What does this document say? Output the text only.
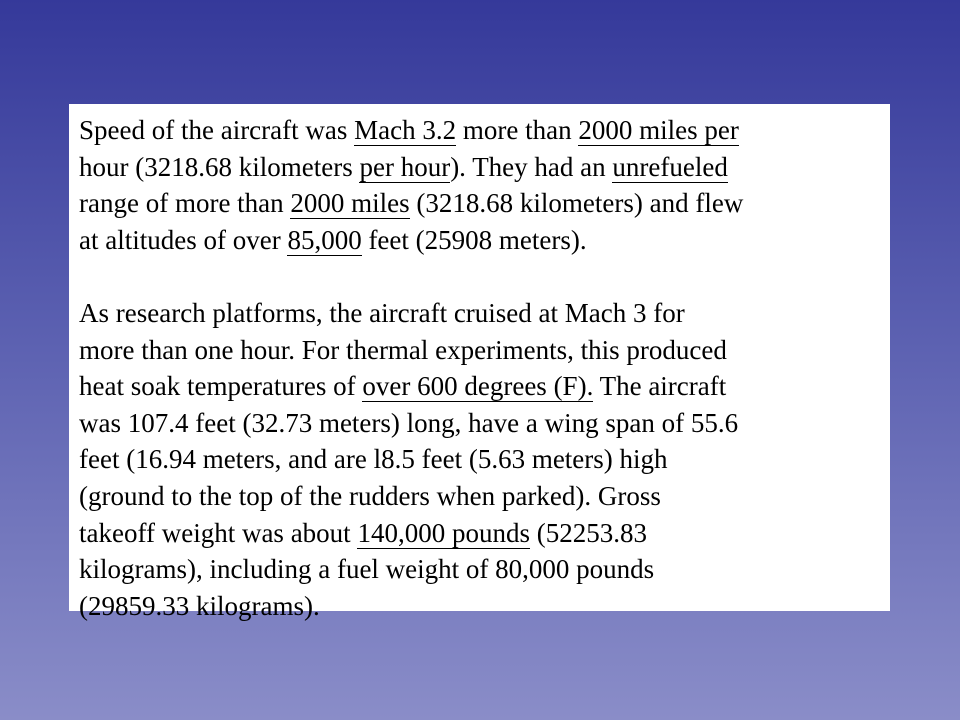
Speed of the aircraft was Mach 3.2 more than 2000 miles per
hour (3218.68 kilometers per hour). They had an unrefueled
range of more than 2000 miles (3218.68 kilometers) and flew
at altitudes of over 85,000 feet (25908 meters).

As research platforms, the aircraft cruised at Mach 3 for
more than one hour. For thermal experiments, this produced
heat soak temperatures of over 600 degrees (F). The aircraft
was 107.4 feet (32.73 meters) long, have a wing span of 55.6
feet (16.94 meters, and are l8.5 feet (5.63 meters) high
(ground to the top of the rudders when parked). Gross
takeoff weight was about 140,000 pounds (52253.83
kilograms), including a fuel weight of 80,000 pounds
(29859.33 kilograms).
